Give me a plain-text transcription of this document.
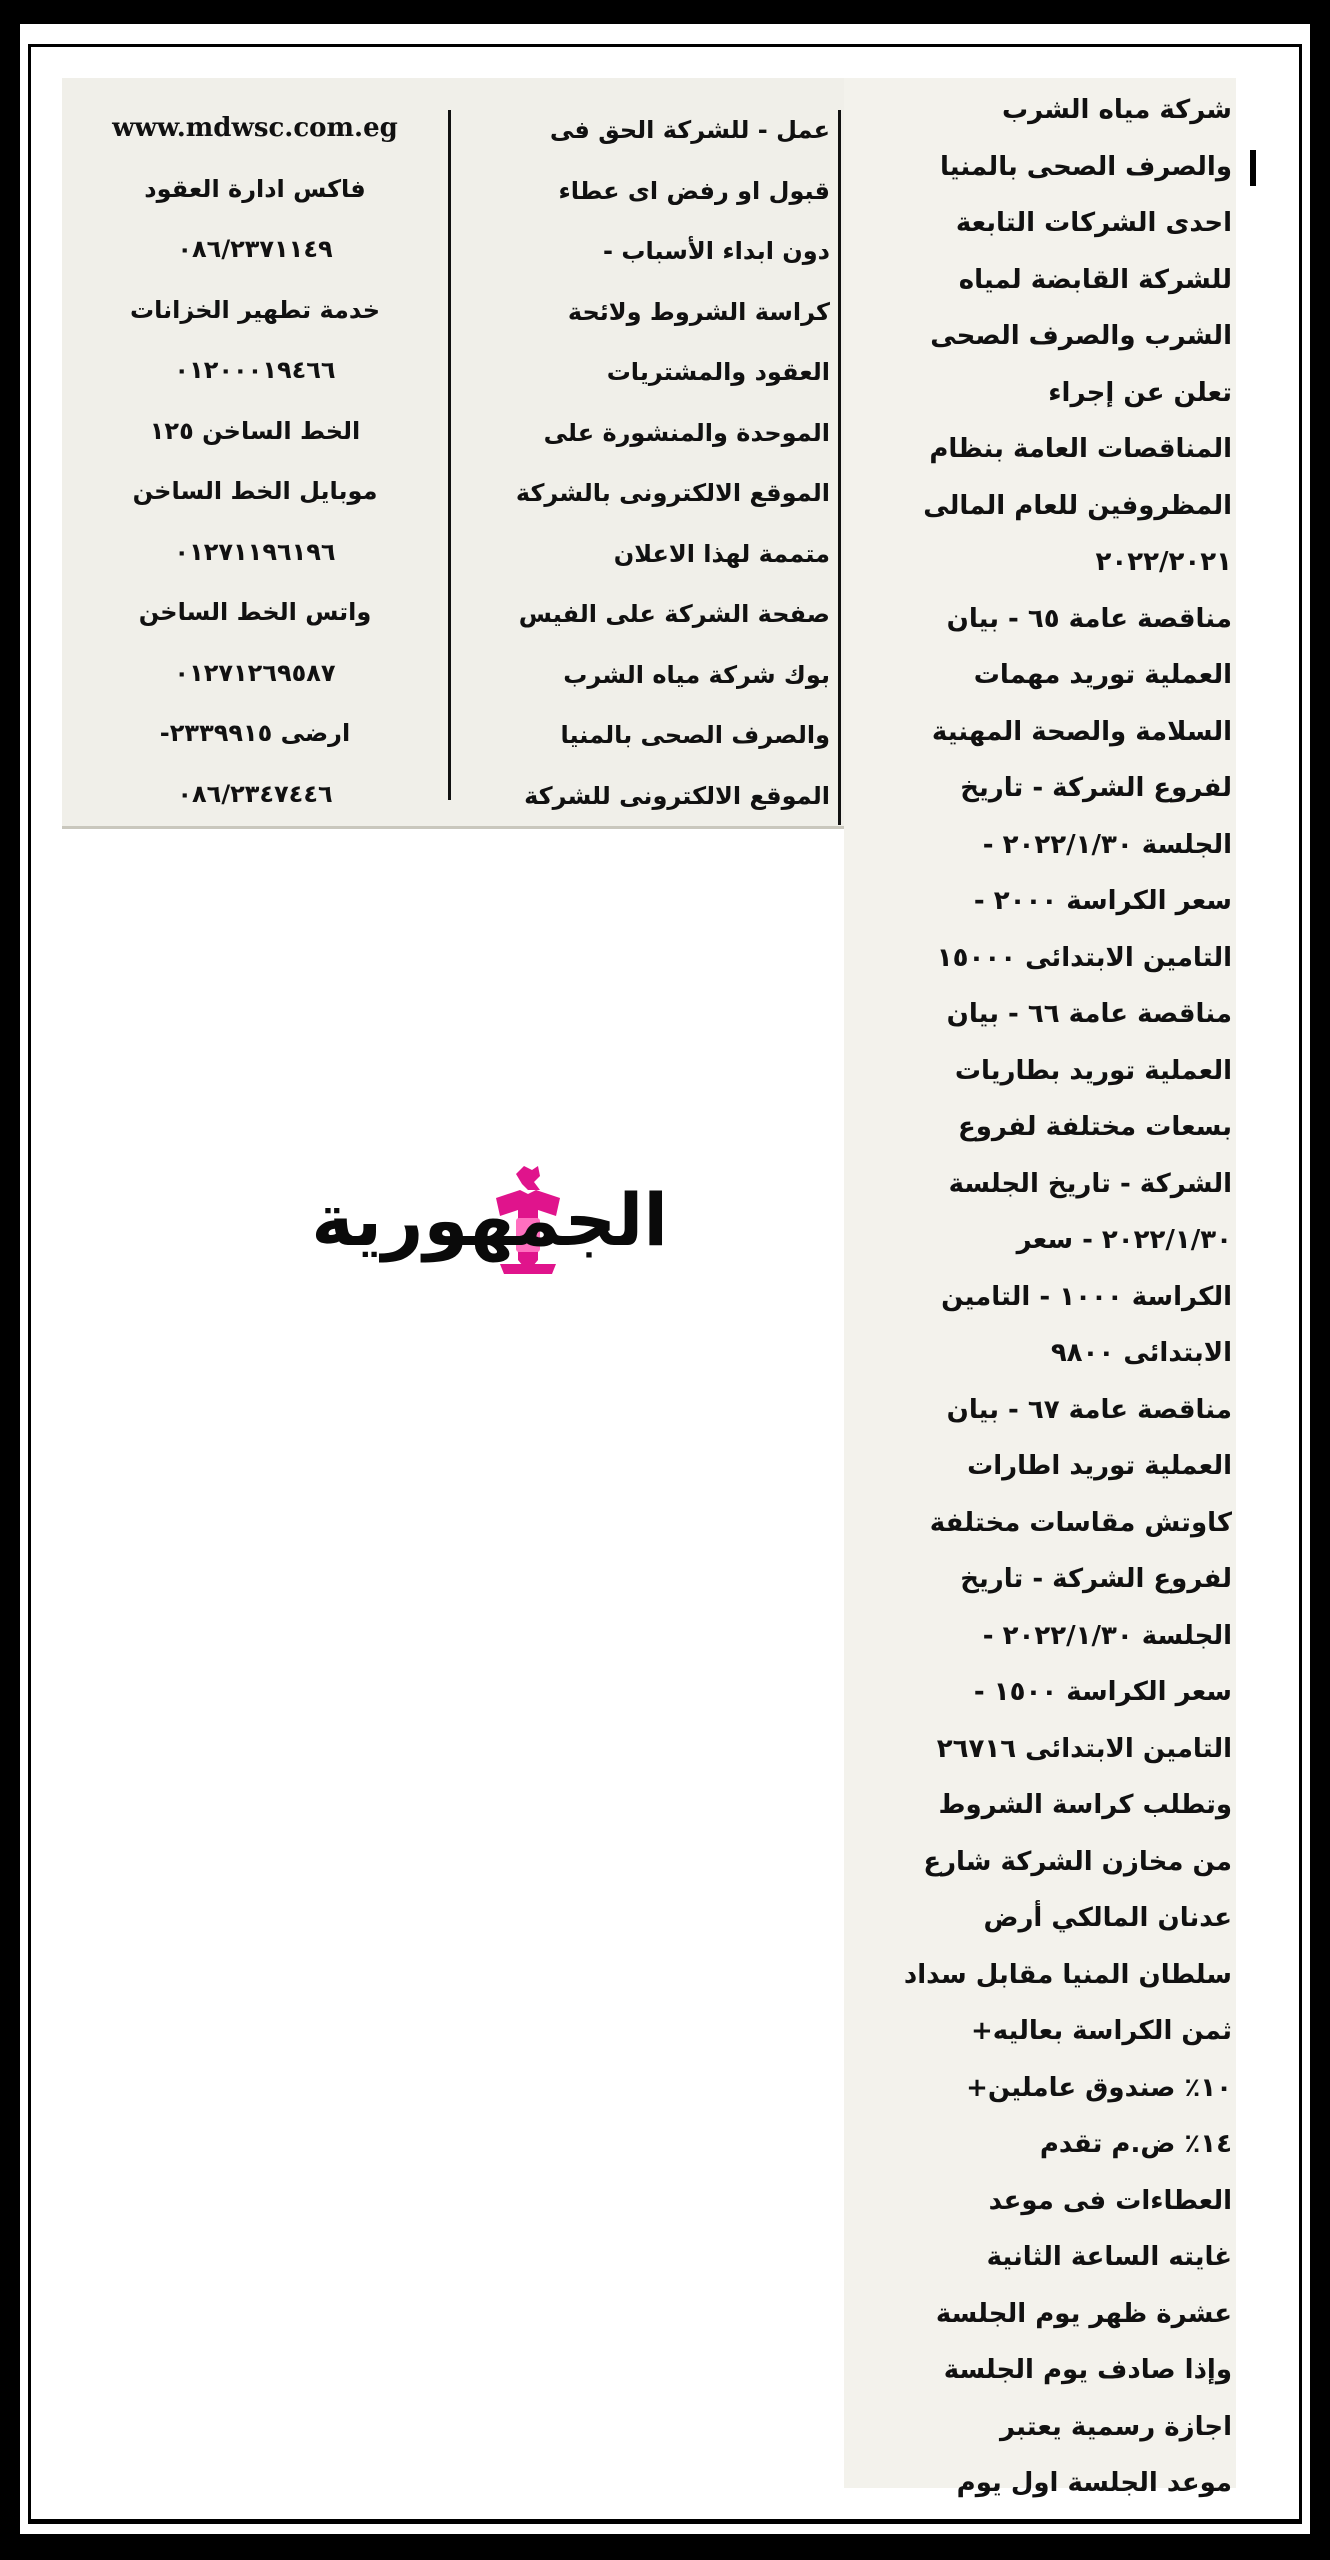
شركة مياه الشرب
والصرف الصحى بالمنيا
احدى الشركات التابعة
للشركة القابضة لمياه
الشرب والصرف الصحى
تعلن عن إجراء
المناقصات العامة بنظام
المظروفين للعام المالى
٢٠٢٢/٢٠٢١
مناقصة عامة ٦٥ - بيان
العملية توريد مهمات
السلامة والصحة المهنية
لفروع الشركة - تاريخ
الجلسة ٢٠٢٢/١/٣٠ -
سعر الكراسة ٢٠٠٠ -
التامين الابتدائى ١٥٠٠٠
مناقصة عامة ٦٦ - بيان
العملية توريد بطاريات
بسعات مختلفة لفروع
الشركة - تاريخ الجلسة
٢٠٢٢/١/٣٠ - سعر
الكراسة ١٠٠٠ - التامين
الابتدائى ٩٨٠٠
مناقصة عامة ٦٧ - بيان
العملية توريد اطارات
كاوتش مقاسات مختلفة
لفروع الشركة - تاريخ
الجلسة ٢٠٢٢/١/٣٠ -
سعر الكراسة ١٥٠٠ -
التامين الابتدائى ٢٦٧١٦
وتطلب كراسة الشروط
من مخازن الشركة شارع
عدنان المالكي أرض
سلطان المنيا مقابل سداد
ثمن الكراسة بعاليه+
١٠٪ صندوق عاملين+
١٤٪ ض.م تقدم
العطاءات فى موعد
غايته الساعة الثانية
عشرة ظهر يوم الجلسة
وإذا صادف يوم الجلسة
اجازة رسمية يعتبر
موعد الجلسة اول يوم
عمل - للشركة الحق فى
قبول او رفض اى عطاء
دون ابداء الأسباب -
كراسة الشروط ولائحة
العقود والمشتريات
الموحدة والمنشورة على
الموقع الالكترونى بالشركة
متممة لهذا الاعلان
صفحة الشركة على الفيس
بوك شركة مياه الشرب
والصرف الصحى بالمنيا
الموقع الالكترونى للشركة
www.mdwsc.com.eg
فاكس ادارة العقود
٠٨٦/٢٣٧١١٤٩
خدمة تطهير الخزانات
٠١٢٠٠٠١٩٤٦٦
الخط الساخن ١٢٥
موبايل الخط الساخن
٠١٢٧١١٩٦١٩٦
واتس الخط الساخن
٠١٢٧١٢٦٩٥٨٧
ارضى ٢٣٣٩٩١٥-
٠٨٦/٢٣٤٧٤٤٦
الجمهورية
